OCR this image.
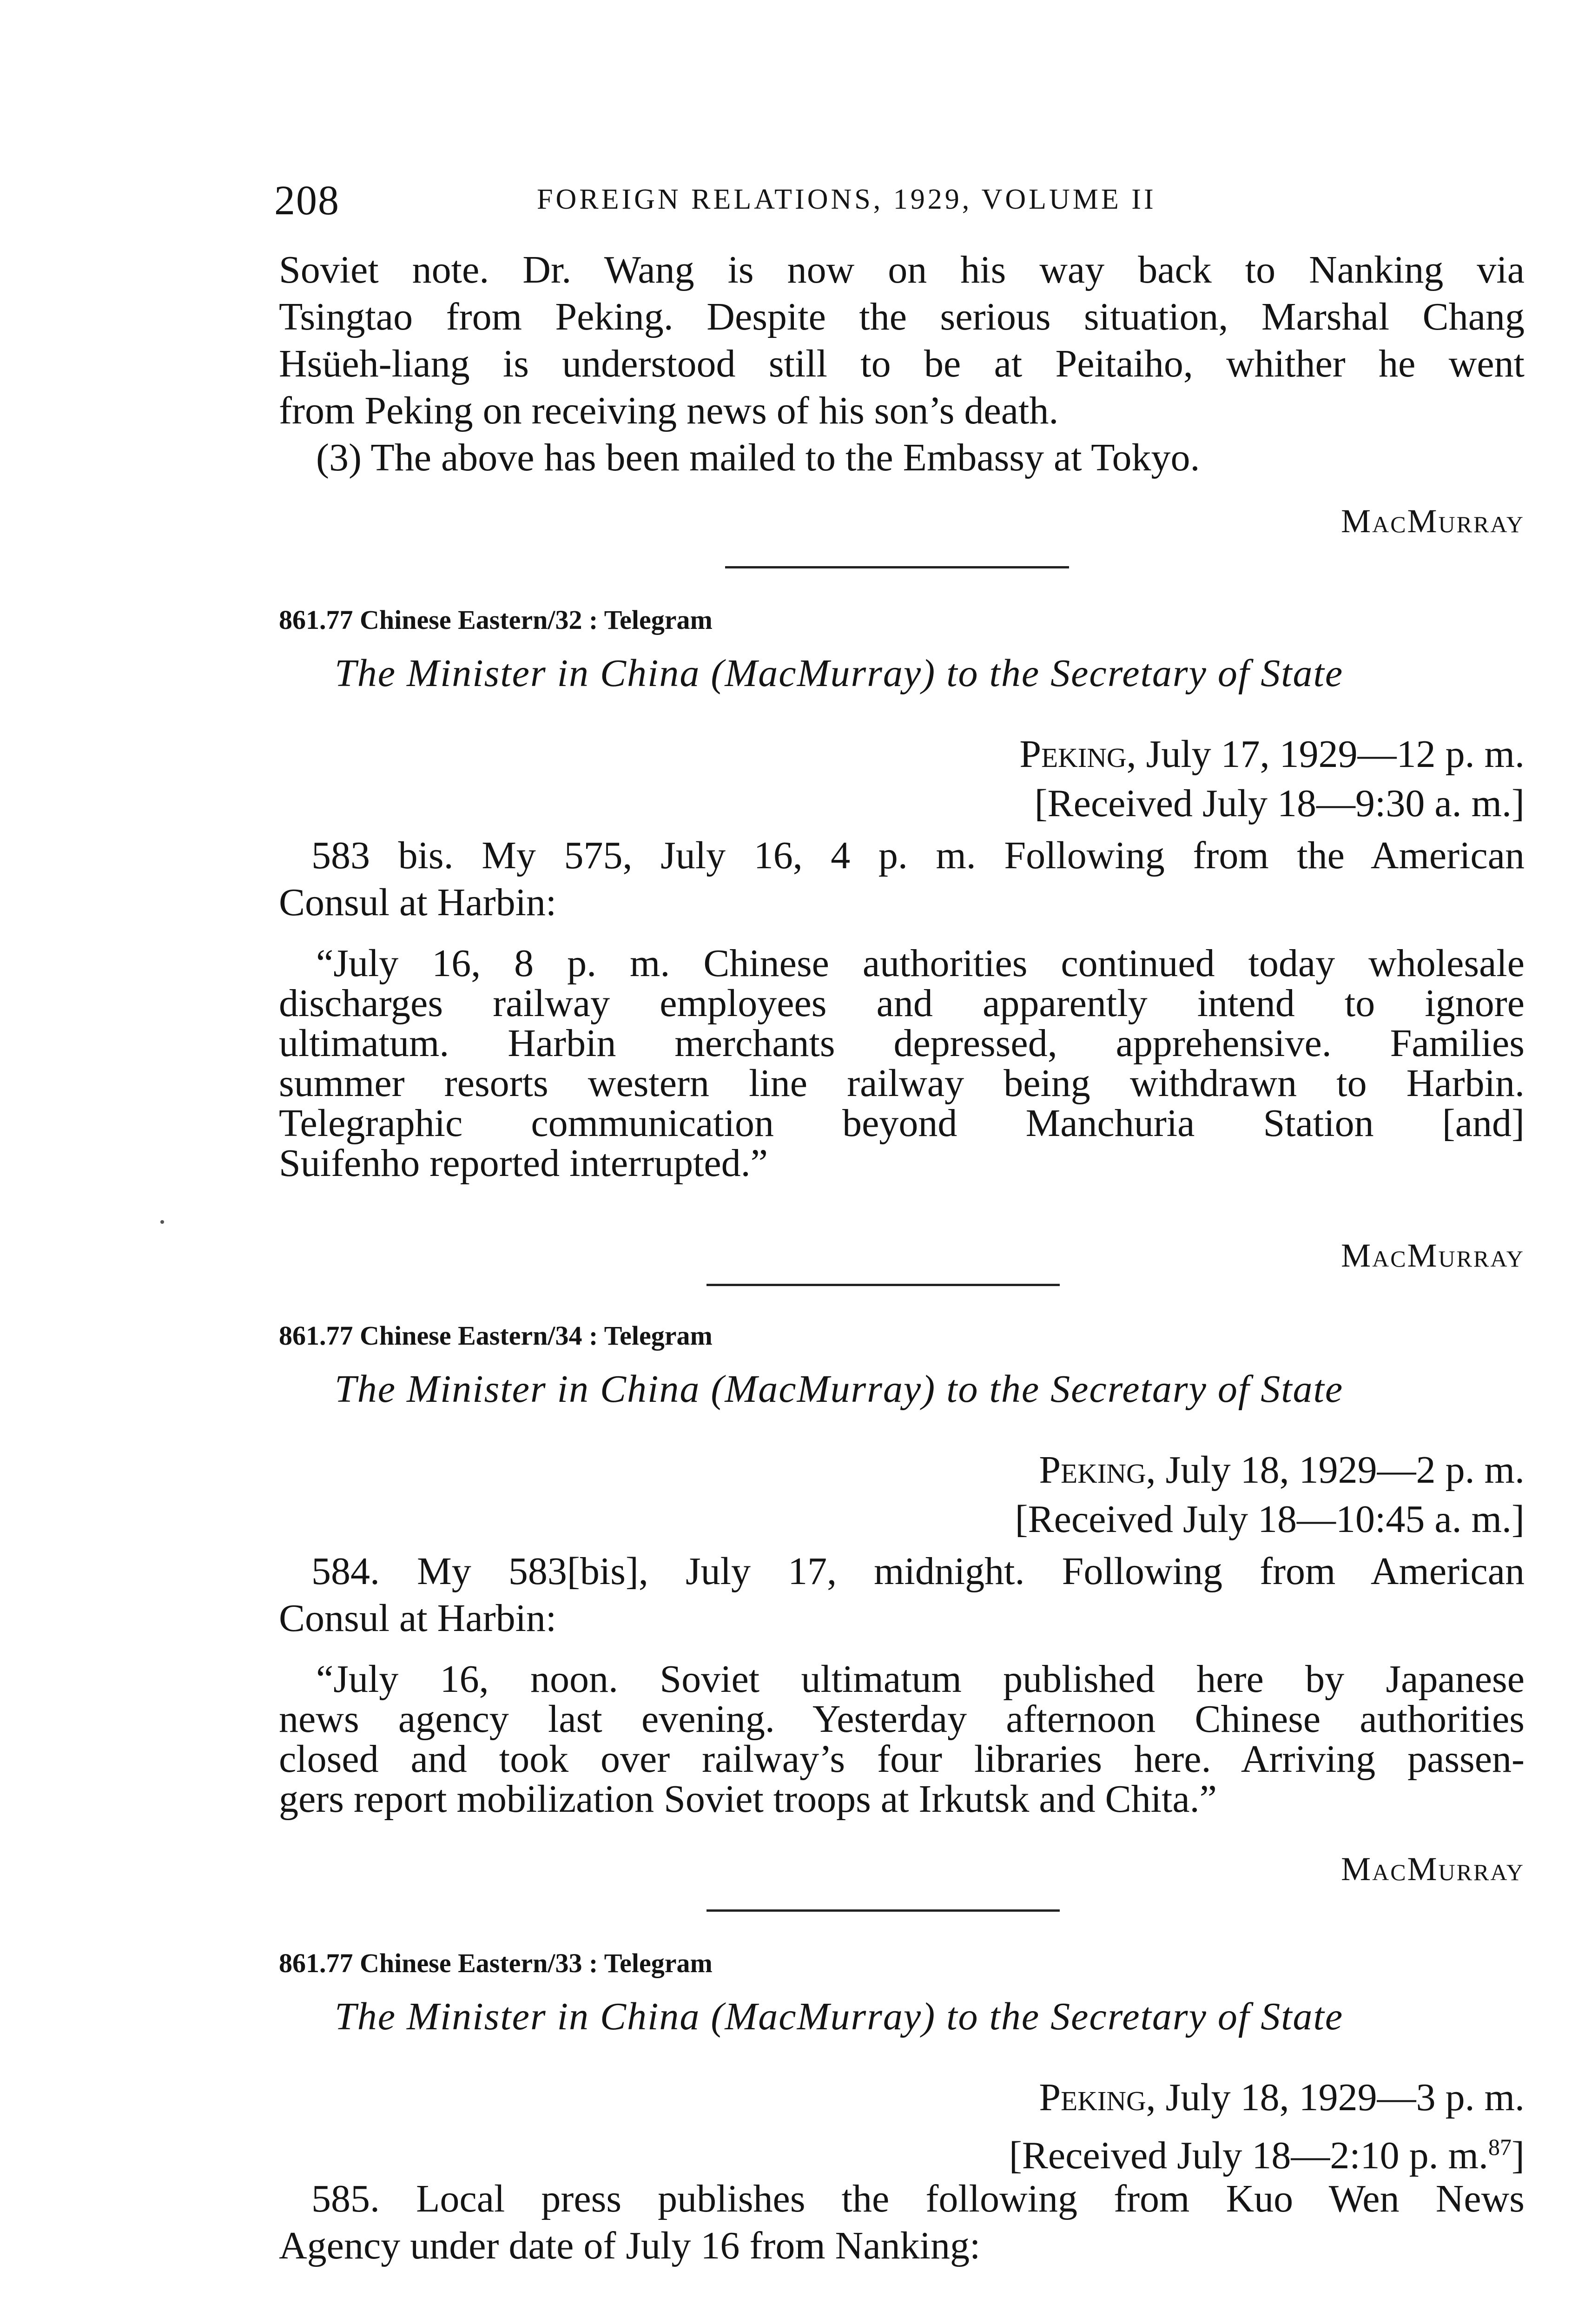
208	FOREIGN RELATIONS, 1929, VOLUME II
Soviet note. Dr. Wang is now on his way back to Nanking via
Tsingtao from Peking. Despite the serious situation, Marshal Chang
Hsüeh-liang is understood still to be at Peitaiho, whither he went
from Peking on receiving news of his son’s death.
(3) The above has been mailed to the Embassy at Tokyo.
MacMurray
861.77 Chinese Eastern/32 : Telegram
The Minister in China (MacMurray) to the Secretary of State
Peking, July 17, 1929—12 p. m.
[Received July 18—9:30 a. m.]
583 bis. My 575, July 16, 4 p. m. Following from the American
Consul at Harbin:
“July 16, 8 p. m. Chinese authorities continued today wholesale
discharges railway employees and apparently intend to ignore
ultimatum. Harbin merchants depressed, apprehensive. Families
summer resorts western line railway being withdrawn to Harbin.
Telegraphic communication beyond Manchuria Station [and]
Suifenho reported interrupted.”
MacMurray
861.77 Chinese Eastern/34 : Telegram
The Minister in China (MacMurray) to the Secretary of State
Peking, July 18, 1929—2 p. m.
[Received July 18—10:45 a. m.]
584. My 583[bis], July 17, midnight. Following from American
Consul at Harbin:
“July 16, noon. Soviet ultimatum published here by Japanese
news agency last evening. Yesterday afternoon Chinese authorities
closed and took over railway’s four libraries here. Arriving passen-
gers report mobilization Soviet troops at Irkutsk and Chita.”
MacMurray
861.77 Chinese Eastern/33 : Telegram
The Minister in China (MacMurray) to the Secretary of State
Peking, July 18, 1929—3 p. m.
[Received July 18—2:10 p. m.$^{87}$]
585. Local press publishes the following from Kuo Wen News
Agency under date of July 16 from Nanking:
